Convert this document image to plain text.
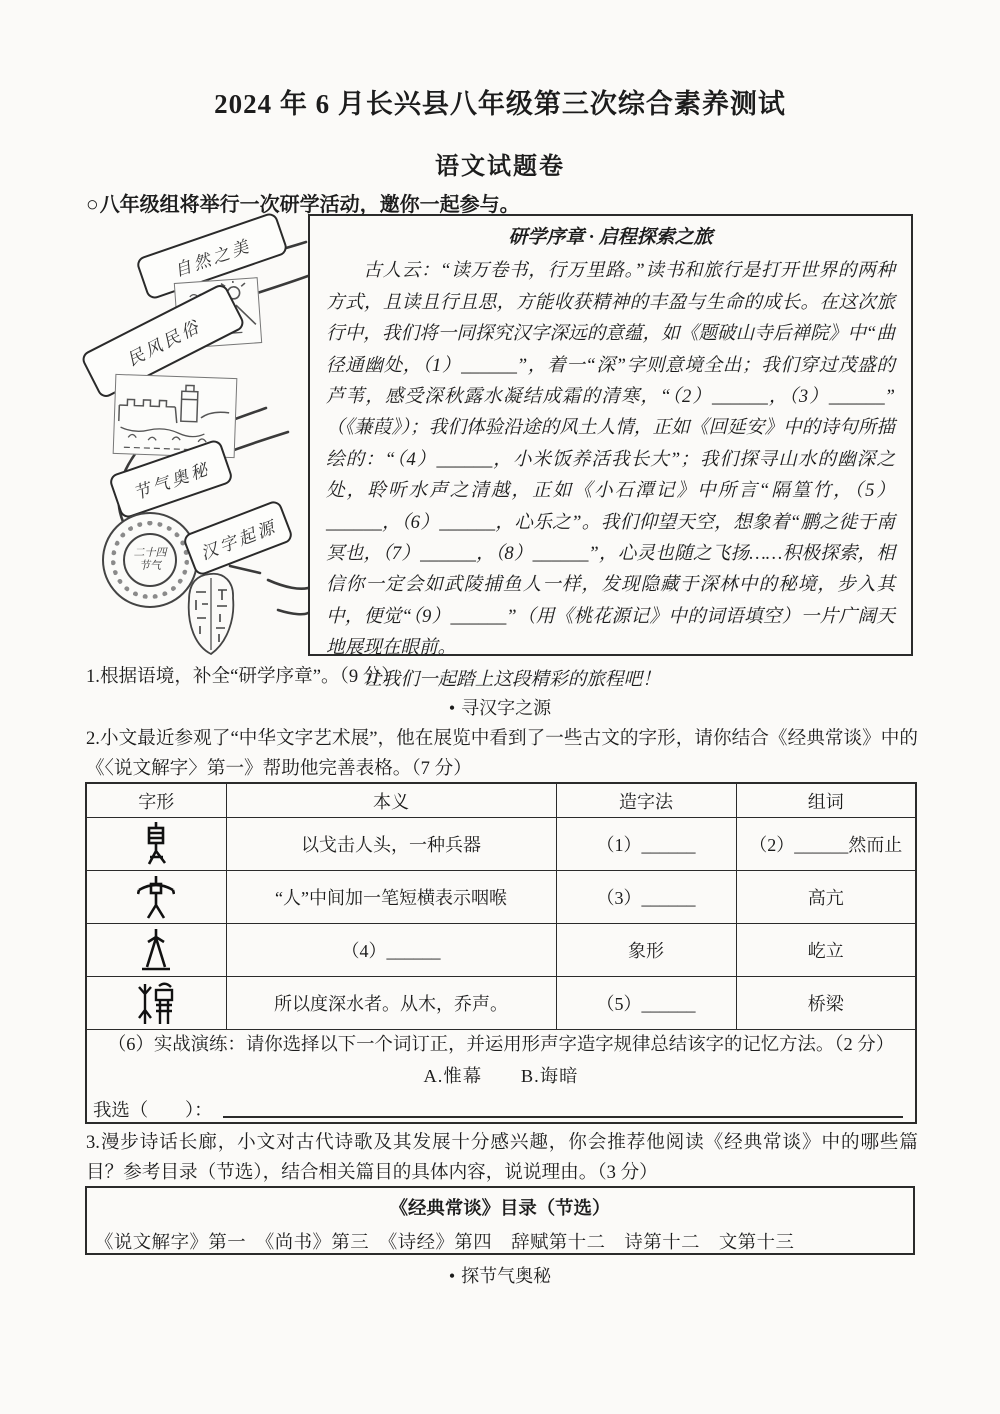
2024 年 6 月长兴县八年级第三次综合素养测试
语文试题卷
○八年级组将举行一次研学活动，邀你一起参与。
自然之美
民风民俗
节气奥秘
二十四节气
汉字起源
研学序章 · 启程探索之旅

古人云：“读万卷书，行万里路。”读书和旅行是打开世界的两种方式，且读且行且思，方能收获精神的丰盈与生命的成长。在这次旅行中，我们将一同探究汉字深远的意蕴，如《题破山寺后禅院》中“曲径通幽处，（1）______”，着一“深”字则意境全出；我们穿过茂盛的芦苇，感受深秋露水凝结成霜的清寒，“（2）______，（3）______”（《蒹葭》）；我们体验沿途的风土人情，正如《回延安》中的诗句所描绘的：“（4）______，小米饭养活我长大”；我们探寻山水的幽深之处，聆听水声之清越，正如《小石潭记》中所言“隔篁竹，（5）______，（6）______，心乐之”。我们仰望天空，想象着“鹏之徙于南冥也，（7）______，（8）______”，心灵也随之飞扬……积极探索，相信你一定会如武陵捕鱼人一样，发现隐藏于深林中的秘境，步入其中，便觉“（9）______”（用《桃花源记》中的词语填空）一片广阔天地展现在眼前。

让我们一起踏上这段精彩的旅程吧！

1.根据语境，补全“研学序章”。（9 分）
• 寻汉字之源
2.小文最近参观了“中华文字艺术展”，他在展览中看到了一些古文的字形，请你结合《经典常谈》中的《〈说文解字〉第一》帮助他完善表格。（7 分）
字形	本义	造字法	组词

	以戈击人头，一种兵器	（1）______	（2）______然而止

	“人”中间加一笔短横表示咽喉	（3）______	高亢

	（4）______	象形	屹立

	所以度深水者。从木，乔声。	（5）______	桥梁

（6）实战演练：请你选择以下一个词订正，并运用形声字造字规律总结该字的记忆方法。（2 分）
A.惟幕　　B.诲暗
我选（　　）：			
3.漫步诗话长廊，小文对古代诗歌及其发展十分感兴趣，你会推荐他阅读《经典常谈》中的哪些篇目？参考目录（节选），结合相关篇目的具体内容，说说理由。（3 分）
《经典常谈》目录（节选）
《说文解字》第一　《尚书》第三　《诗经》第四　辞赋第十二　诗第十二　文第十三
• 探节气奥秘
